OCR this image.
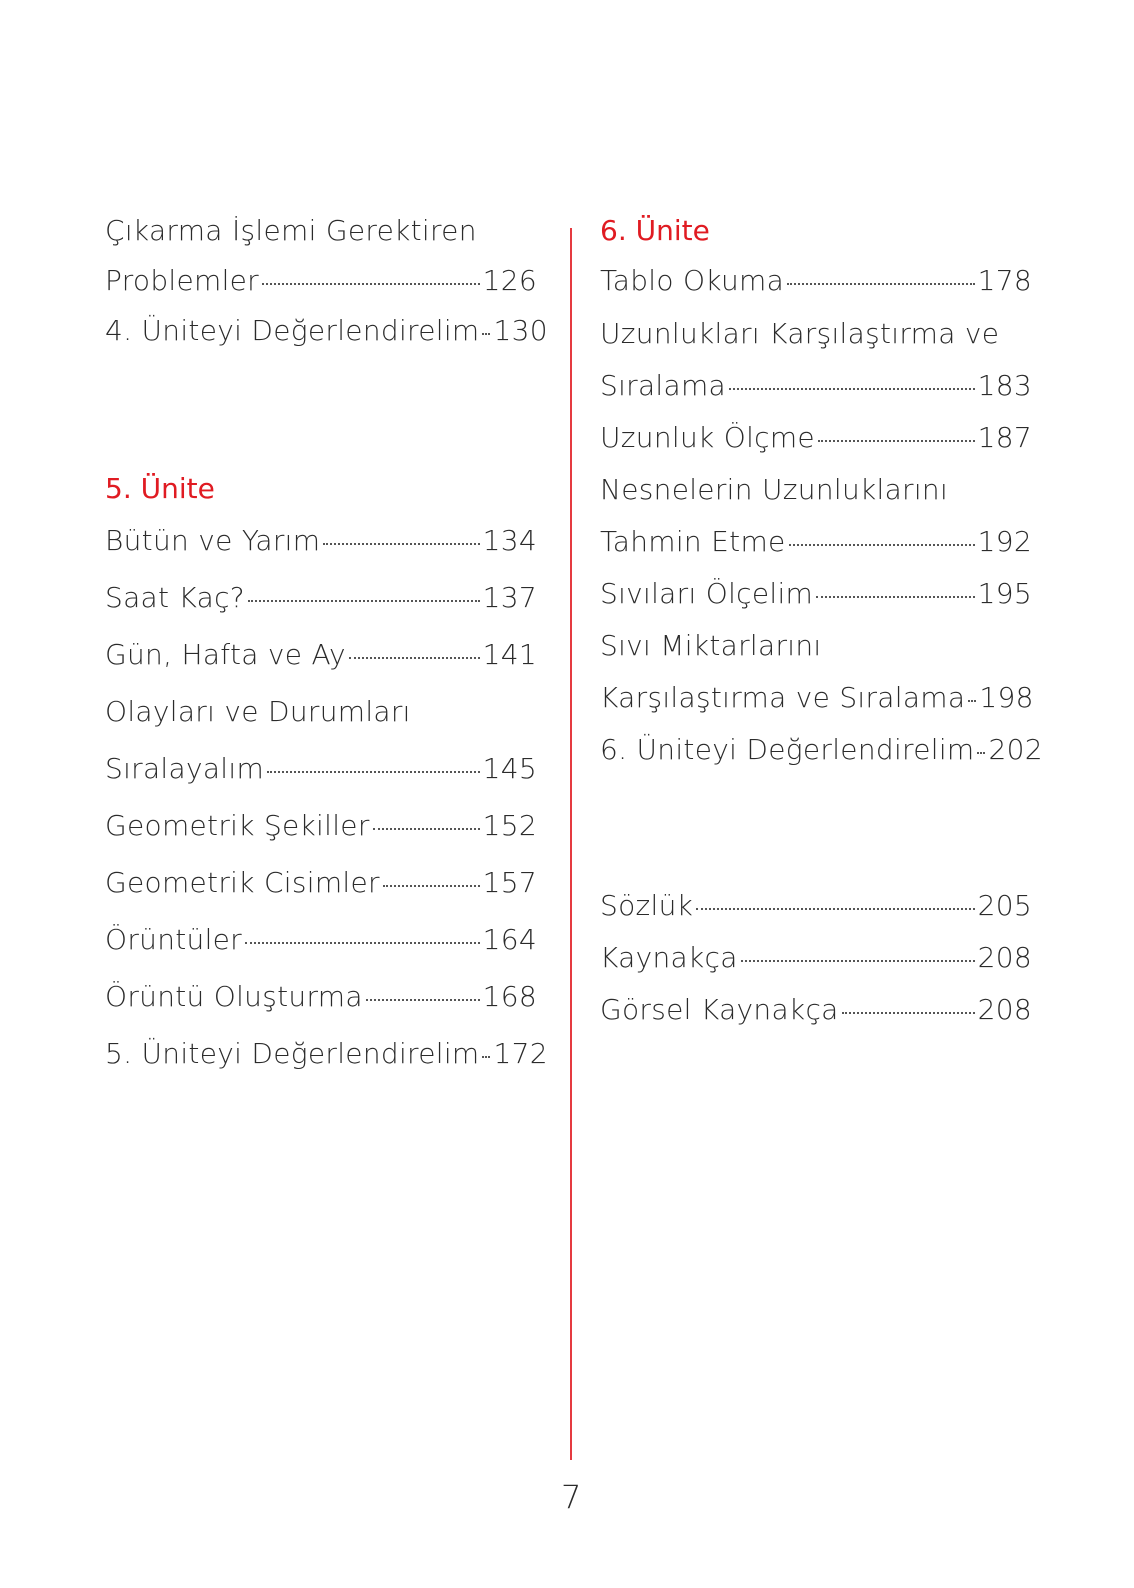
Çıkarma İşlemi Gerektiren
Problemler	126
4. Üniteyi Değerlendirelim 130
5. Ünite
Bütün ve Yarım	134
Saat Kaç?	137
Gün, Hafta ve Ay	141
Olayları ve Durumları
Sıralayalım	145
Geometrik Şekiller	152
Geometrik Cisimler	157
Örüntüler	164
Örüntü Oluşturma	168
5. Üniteyi Değerlendirelim 172
6. Ünite
Tablo Okuma	178
Uzunlukları Karşılaştırma ve
Sıralama	183
Uzunluk Ölçme	187
Nesnelerin Uzunluklarını
Tahmin Etme	192
Sıvıları Ölçelim	195
Sıvı Miktarlarını
Karşılaştırma ve Sıralama 198
6. Üniteyi Değerlendirelim 202
Sözlük	205
Kaynakça	208
Görsel Kaynakça	208
7
